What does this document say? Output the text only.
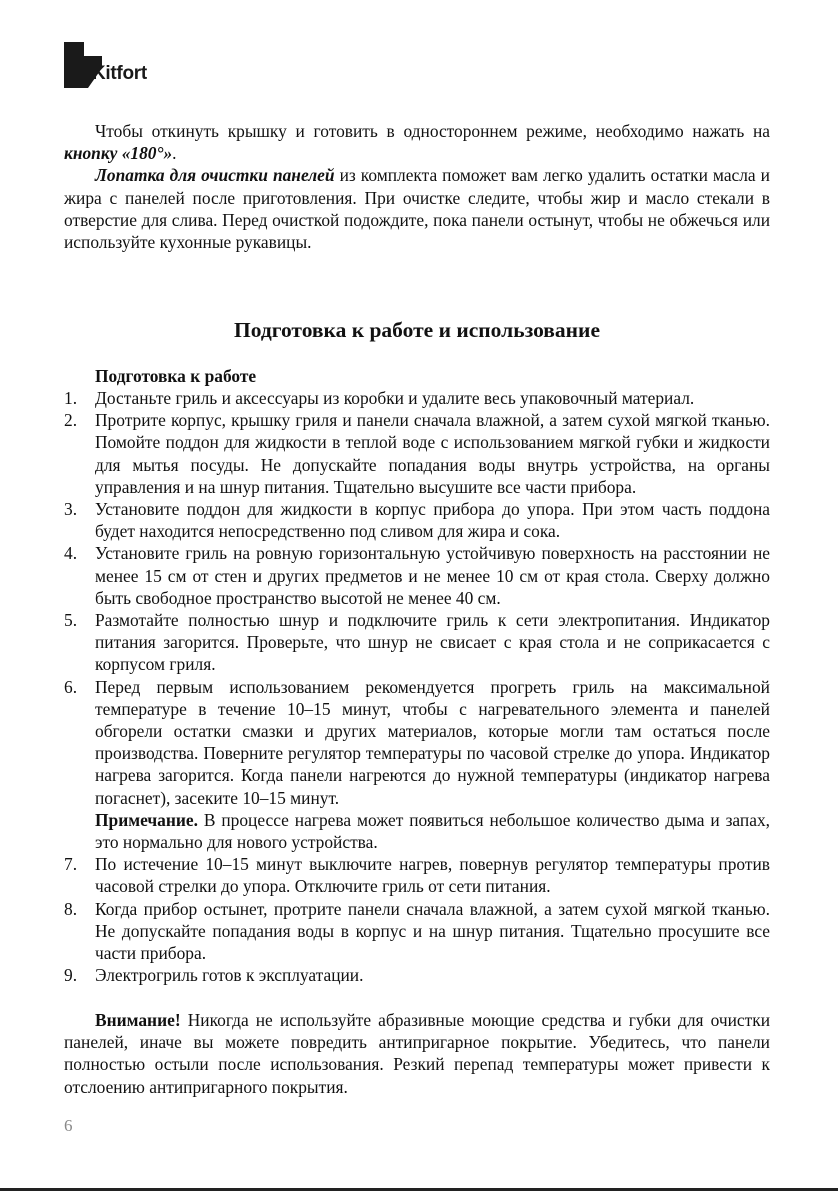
Kitfort

Чтобы откинуть крышку и готовить в одностороннем режиме, необходимо нажать на кнопку «180°».

Лопатка для очистки панелей из комплекта поможет вам легко удалить остатки масла и жира с панелей после приготовления. При очистке следите, чтобы жир и масло стекали в отверстие для слива. Перед очисткой подождите, пока панели остынут, чтобы не обжечься или используйте кухонные рукавицы.

Подготовка к работе и использование
Подготовка к работе
1. Достаньте гриль и аксессуары из коробки и удалите весь упаковочный материал.
2. Протрите корпус, крышку гриля и панели сначала влажной, а затем сухой мягкой тканью. Помойте поддон для жидкости в теплой воде с использованием мягкой губки и жидкости для мытья посуды. Не допускайте попадания воды внутрь устройства, на органы управления и на шнур питания. Тщательно высушите все части прибора.
3. Установите поддон для жидкости в корпус прибора до упора. При этом часть поддона будет находится непосредственно под сливом для жира и сока.
4. Установите гриль на ровную горизонтальную устойчивую поверхность на расстоянии не менее 15 см от стен и других предметов и не менее 10 см от края стола. Сверху должно быть свободное пространство высотой не менее 40 см.
5. Размотайте полностью шнур и подключите гриль к сети электропитания. Индикатор питания загорится. Проверьте, что шнур не свисает с края стола и не соприкасается с корпусом гриля.
6. Перед первым использованием рекомендуется прогреть гриль на максимальной температуре в течение 10–15 минут, чтобы с нагревательного элемента и панелей обгорели остатки смазки и других материалов, которые могли там остаться после производства. Поверните регулятор температуры по часовой стрелке до упора. Индикатор нагрева загорится. Когда панели нагреются до нужной температуры (индикатор нагрева погаснет), засеките 10–15 минут.

Примечание. В процессе нагрева может появиться небольшое количество дыма и запах, это нормально для нового устройства.

7. По истечение 10–15 минут выключите нагрев, повернув регулятор температуры против часовой стрелки до упора. Отключите гриль от сети питания.
8. Когда прибор остынет, протрите панели сначала влажной, а затем сухой мягкой тканью. Не допускайте попадания воды в корпус и на шнур питания. Тщательно просушите все части прибора.
9. Электрогриль готов к эксплуатации.

Внимание! Никогда не используйте абразивные моющие средства и губки для очистки панелей, иначе вы можете повредить антипригарное покрытие. Убедитесь, что панели полностью остыли после использования. Резкий перепад температуры может привести к отслоению антипригарного покрытия.

6
